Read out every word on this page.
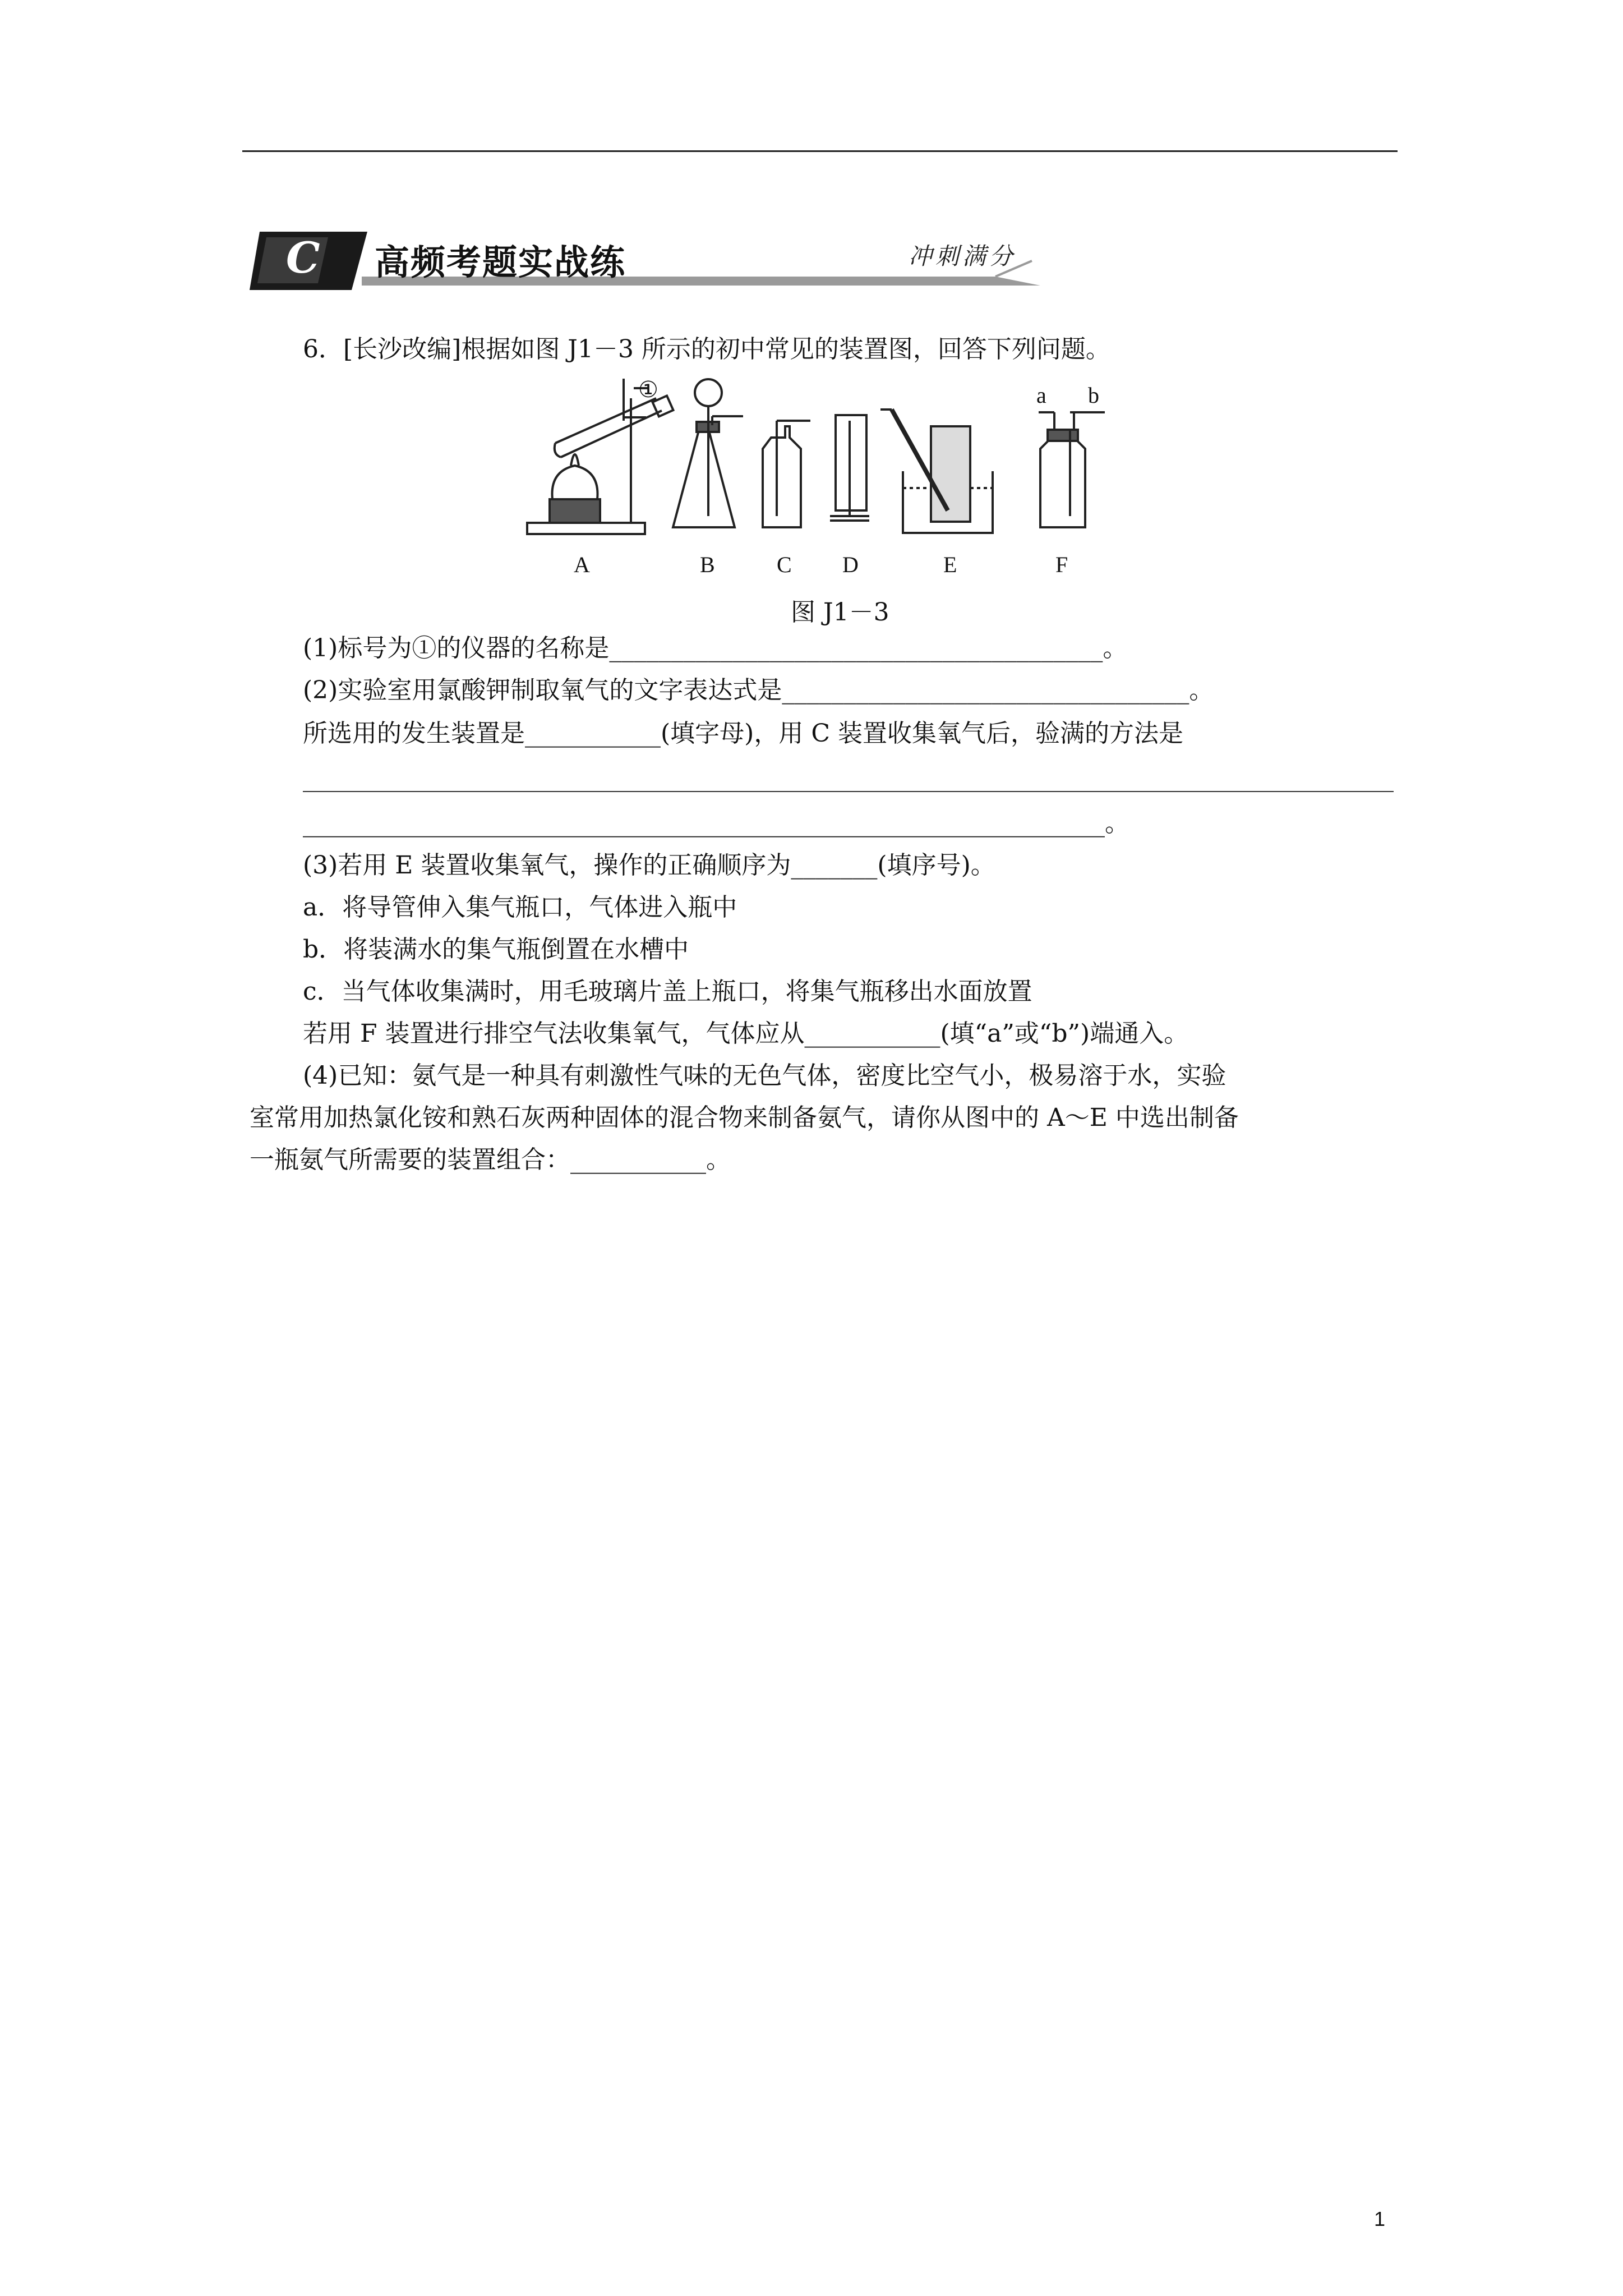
C 高频考题实战练	冲刺满分
6．[长沙改编]根据如图 J1－3 所示的初中常见的装置图，回答下列问题。
①
A	B	C D	E	F
a b
图 J1－3
(1)标号为①的仪器的名称是________________________________________。
(2)实验室用氯酸钾制取氧气的文字表达式是_________________________________。
所选用的发生装置是___________(填字母)，用 C 装置收集氧气后，验满的方法是
_________________________________________________________________。
(3)若用 E 装置收集氧气，操作的正确顺序为_______(填序号)。
a．将导管伸入集气瓶口，气体进入瓶中
b．将装满水的集气瓶倒置在水槽中
c．当气体收集满时，用毛玻璃片盖上瓶口，将集气瓶移出水面放置
若用 F 装置进行排空气法收集氧气，气体应从___________(填“a”或“b”)端通入。
(4)已知：氨气是一种具有刺激性气味的无色气体，密度比空气小，极易溶于水，实验
室常用加热氯化铵和熟石灰两种固体的混合物来制备氨气，请你从图中的 A～E 中选出制备
一瓶氨气所需要的装置组合：___________。
1
